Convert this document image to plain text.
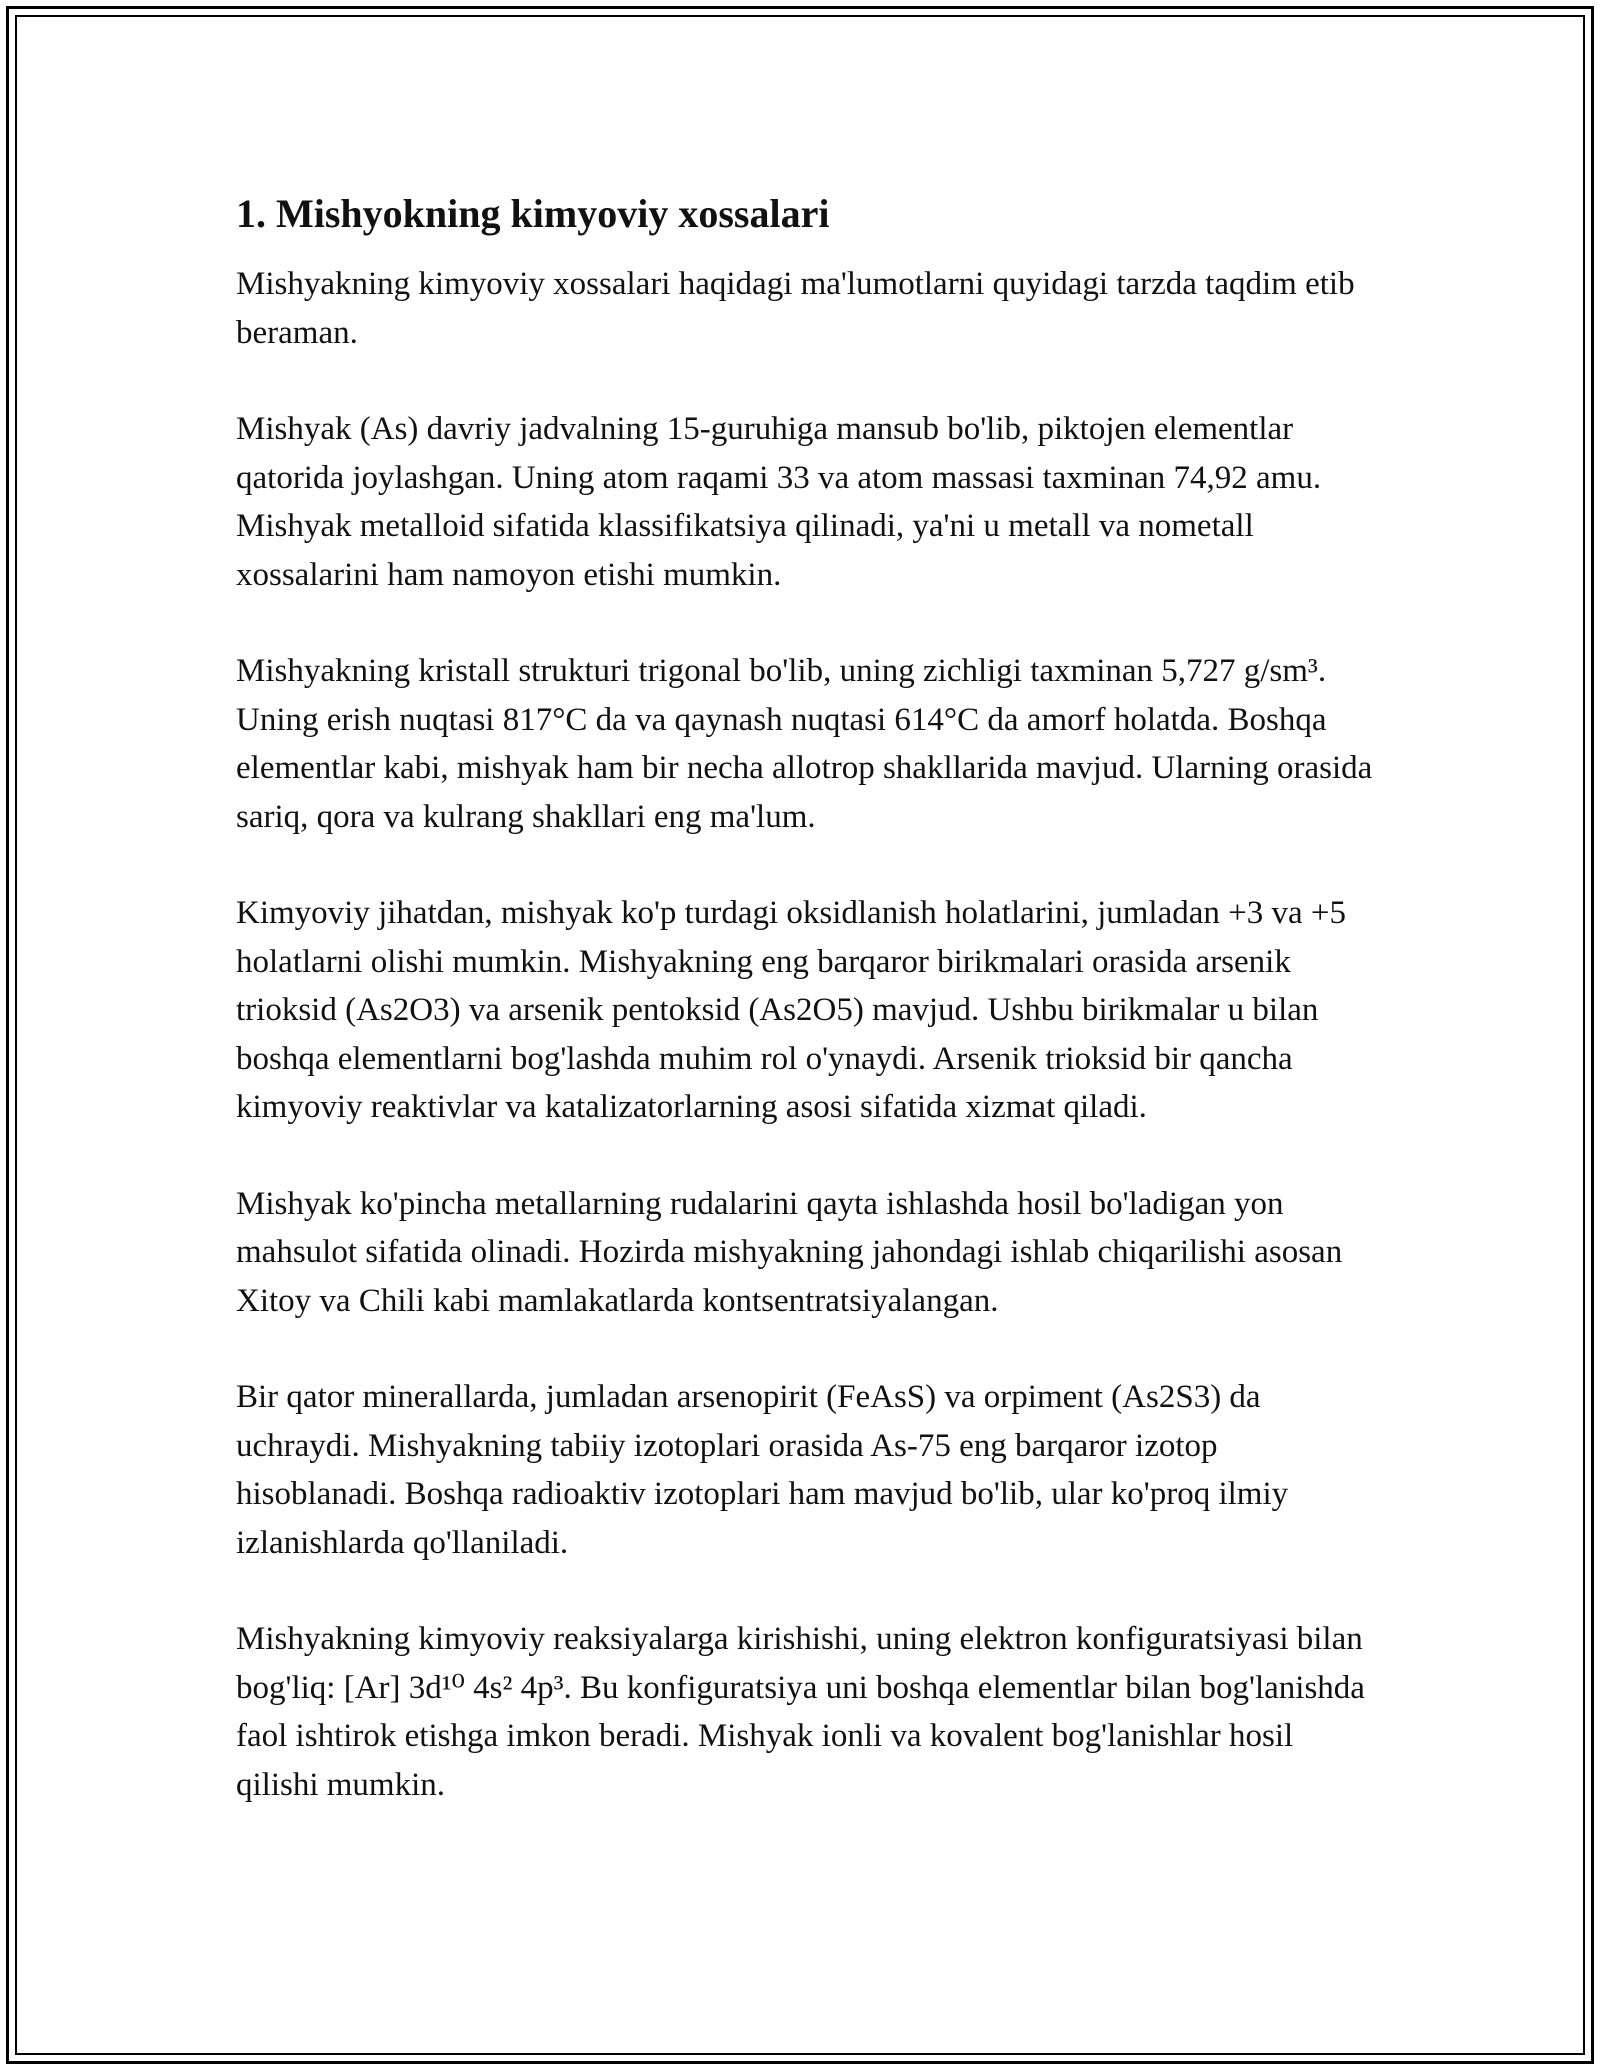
1. Mishyokning kimyoviy xossalari

Mishyakning kimyoviy xossalari haqidagi ma'lumotlarni quyidagi tarzda taqdim etib beraman.

Mishyak (As) davriy jadvalning 15-guruhiga mansub bo'lib, piktojen elementlar qatorida joylashgan. Uning atom raqami 33 va atom massasi taxminan 74,92 amu. Mishyak metalloid sifatida klassifikatsiya qilinadi, ya'ni u metall va nometall xossalarini ham namoyon etishi mumkin.

Mishyakning kristall strukturi trigonal bo'lib, uning zichligi taxminan 5,727 g/sm³. Uning erish nuqtasi 817°C da va qaynash nuqtasi 614°C da amorf holatda. Boshqa elementlar kabi, mishyak ham bir necha allotrop shakllarida mavjud. Ularning orasida sariq, qora va kulrang shakllari eng ma'lum.

Kimyoviy jihatdan, mishyak ko'p turdagi oksidlanish holatlarini, jumladan +3 va +5 holatlarni olishi mumkin. Mishyakning eng barqaror birikmalari orasida arsenik trioksid (As2O3) va arsenik pentoksid (As2O5) mavjud. Ushbu birikmalar u bilan boshqa elementlarni bog'lashda muhim rol o'ynaydi. Arsenik trioksid bir qancha kimyoviy reaktivlar va katalizatorlarning asosi sifatida xizmat qiladi.

Mishyak ko'pincha metallarning rudalarini qayta ishlashda hosil bo'ladigan yon mahsulot sifatida olinadi. Hozirda mishyakning jahondagi ishlab chiqarilishi asosan Xitoy va Chili kabi mamlakatlarda kontsentratsiyalangan.

Bir qator minerallarda, jumladan arsenopirit (FeAsS) va orpiment (As2S3) da uchraydi. Mishyakning tabiiy izotoplari orasida As-75 eng barqaror izotop hisoblanadi. Boshqa radioaktiv izotoplari ham mavjud bo'lib, ular ko'proq ilmiy izlanishlarda qo'llaniladi.

Mishyakning kimyoviy reaksiyalarga kirishishi, uning elektron konfiguratsiyasi bilan bog'liq: [Ar] 3d¹⁰ 4s² 4p³. Bu konfiguratsiya uni boshqa elementlar bilan bog'lanishda faol ishtirok etishga imkon beradi. Mishyak ionli va kovalent bog'lanishlar hosil qilishi mumkin.
